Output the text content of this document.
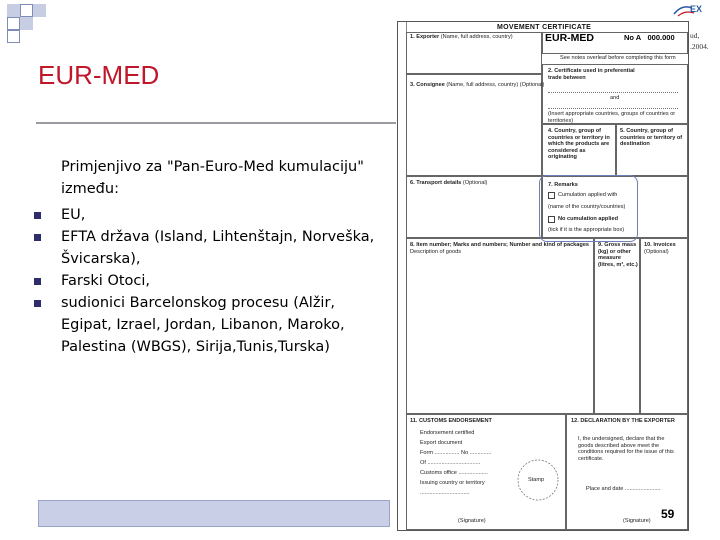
EUR-MED
Primjenjivo za "Pan-Euro-Med kumulaciju" između:
EU,
EFTA država (Island, Lihtenštajn, Norveška, Švicarska),
Farski Otoci,
sudionici Barcelonskog procesu (Alžir, Egipat, Izrael, Jordan, Libanon, Maroko, Palestina (WBGS), Sirija,Tunis,Turska)
EX
ud,
.2004.
1. Exporter (Name, full address, country)
See notes overleaf before completing this form
2. Certificate used in preferential trade between
and
(Insert appropriate countries, groups of countries or territories)
3. Consignee (Name, full address, country) (Optional)
4. Country, group of countries or territory in which the products are considered as originating
5. Country, group of countries or territory of destination
6. Transport details (Optional)	7. Remarks
Cumulation applied with
(name of the country/countries)
No cumulation applied
(tick if it is the appropriate box)
8. Item number; Marks and numbers; Number and kind of packages Description of goods
9. Gross mass (kg) or other measure (litres, m³, etc.)
10. Invoices (Optional)
11. CUSTOMS ENDORSEMENT
Endorsement certified
Export document
Form ................ No ..............
Of ..................................
Customs office ...................
Issuing country or territory
................................
Stamp
(Signature)
12. DECLARATION BY THE EXPORTER
I, the undersigned, declare that the goods described above meet the conditions required for the issue of this certificate.
Place and date .......................
(Signature)
MOVEMENT CERTIFICATE
EUR-MED	No A 000.000
59
